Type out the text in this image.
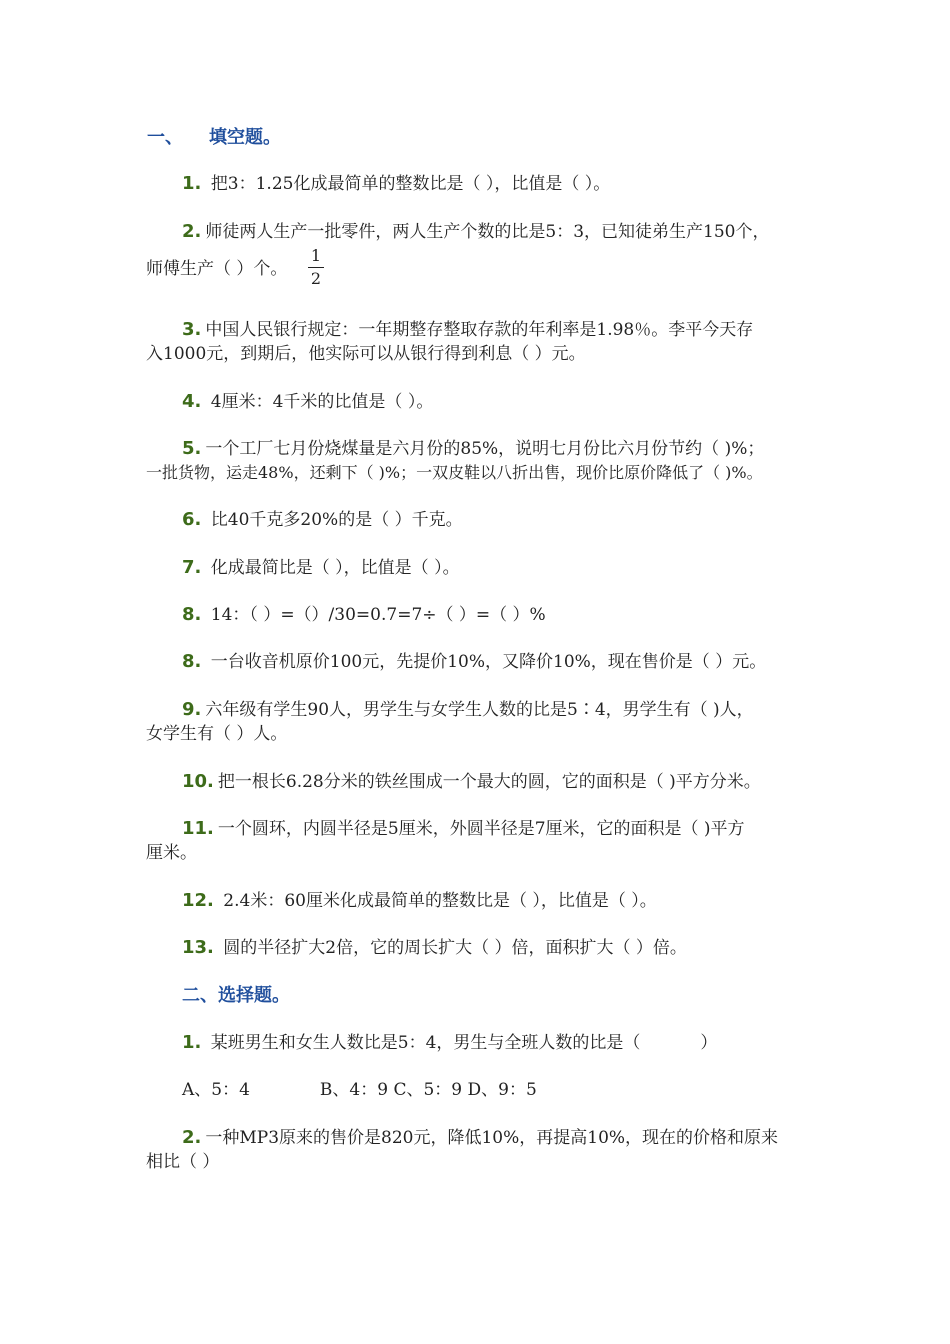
一、 填空题。
1. 把3：1.25化成最简单的整数比是（ ），比值是（ ）。
2. 师徒两人生产一批零件，两人生产个数的比是5：3，已知徒弟生产150个，
师傅生产（ ）个。
1
2
3. 中国人民银行规定：一年期整存整取存款的年利率是1.98％。李平今天存
入1000元，到期后，他实际可以从银行得到利息（ ）元。
4. 4厘米：4千米的比值是（ ）。
5. 一个工厂七月份烧煤量是六月份的85%，说明七月份比六月份节约（ )%；
一批货物，运走48%，还剩下（ )%；一双皮鞋以八折出售，现价比原价降低了（ )%。
6. 比40千克多20%的是（ ）千克。
7. 化成最简比是（ ），比值是（ ）。
8. 14：（ ）=（）/30=0.7=7÷（ ）=（ ）%
8. 一台收音机原价100元，先提价10%，又降价10%，现在售价是（ ）元。
9. 六年级有学生90人，男学生与女学生人数的比是5∶4，男学生有（ )人，
女学生有（ ）人。
10. 把一根长6.28分米的铁丝围成一个最大的圆，它的面积是（ )平方分米。
11. 一个圆环，内圆半径是5厘米，外圆半径是7厘米，它的面积是（ )平方
厘米。
12. 2.4米：60厘米化成最简单的整数比是（ ），比值是（ ）。
13. 圆的半径扩大2倍，它的周长扩大（ ）倍，面积扩大（ ）倍。
二、选择题。
1. 某班男生和女生人数比是5：4，男生与全班人数的比是（	）
A、5：4	B、4：9 C、5：9 D、9：5
2. 一种MP3原来的售价是820元，降低10%，再提高10%，现在的价格和原来
相比（ ）
